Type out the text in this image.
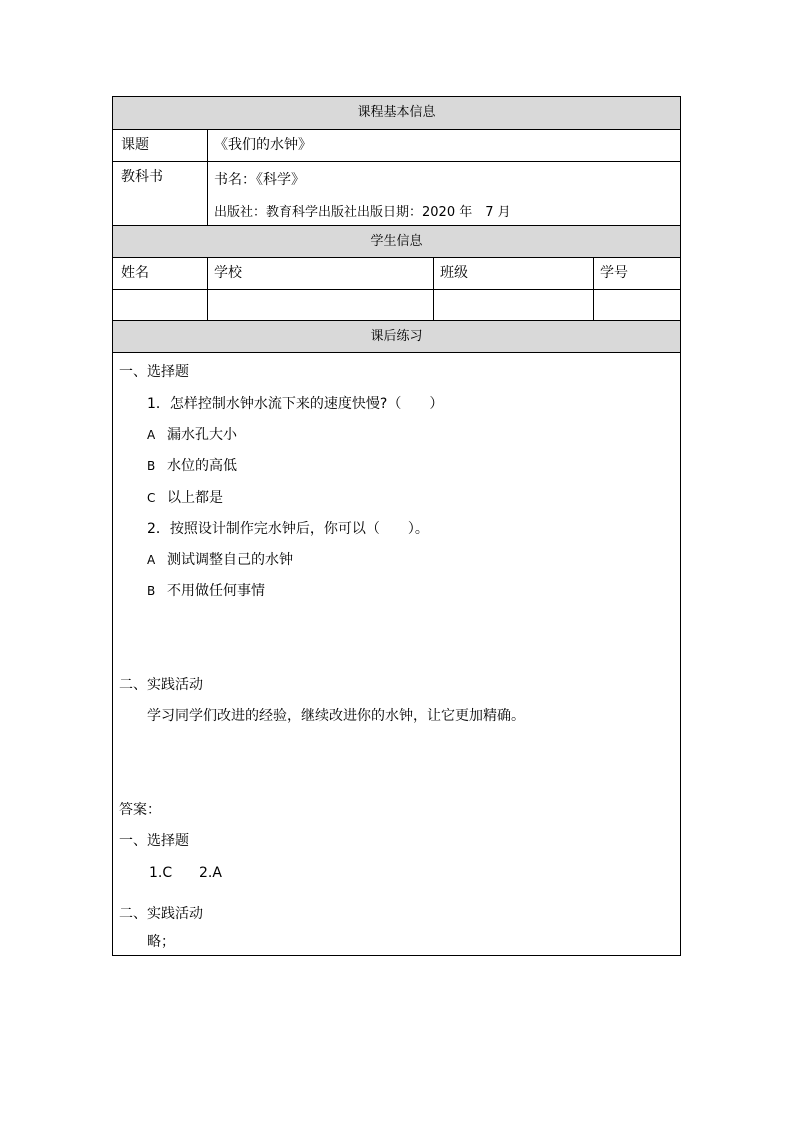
课程基本信息
课题	《我们的水钟》
教科书	书名：《科学》
出版社：教育科学出版社出版日期：2020 年　7 月
学生信息
姓名	学校	班级	学号
课后练习
一、选择题
1．怎样控制水钟水流下来的速度快慢?（　　）
A 漏水孔大小
B 水位的高低
C 以上都是
2．按照设计制作完水钟后，你可以（　　）。
A 测试调整自己的水钟
B 不用做任何事情
二、实践活动
学习同学们改进的经验，继续改进你的水钟，让它更加精确。
答案：
一、选择题
1.C 2.A
二、实践活动
略；
